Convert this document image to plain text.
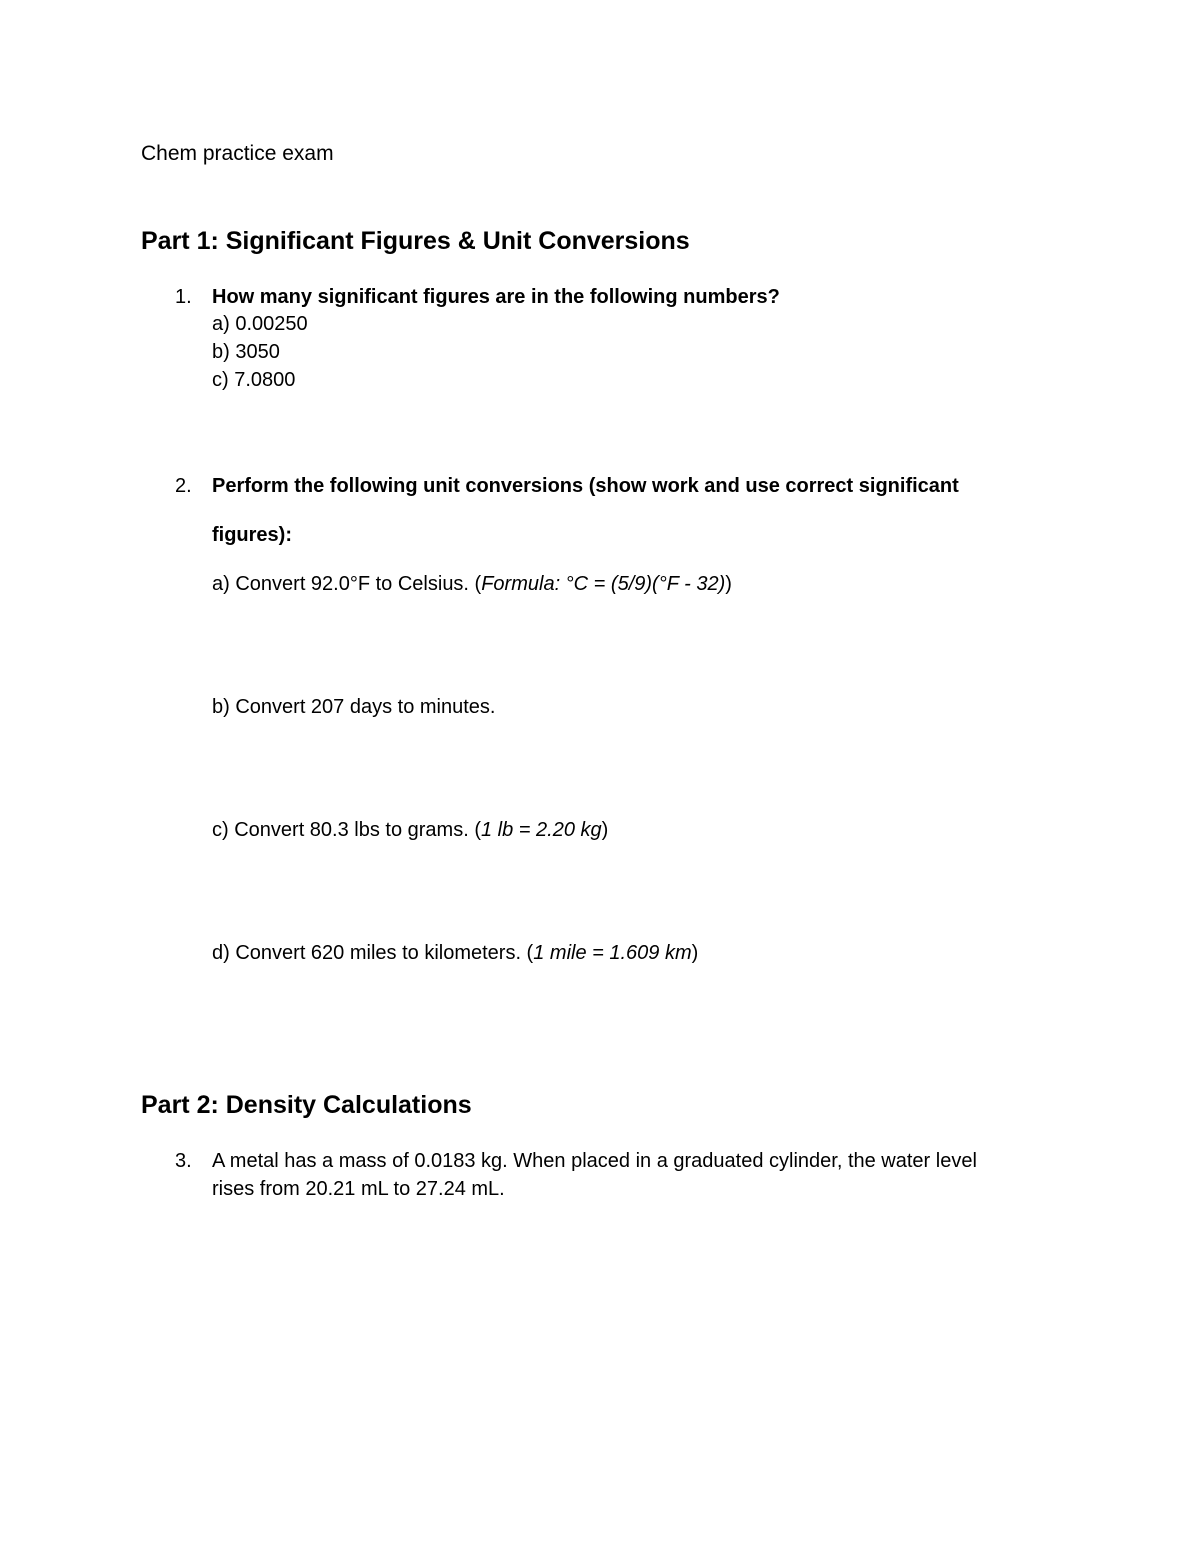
Chem practice exam
Part 1: Significant Figures & Unit Conversions
1. How many significant figures are in the following numbers?
a) 0.00250
b) 3050
c) 7.0800
2. Perform the following unit conversions (show work and use correct significant
figures):
a) Convert 92.0°F to Celsius. (Formula: °C = (5/9)(°F - 32))
b) Convert 207 days to minutes.
c) Convert 80.3 lbs to grams. (1 lb = 2.20 kg)
d) Convert 620 miles to kilometers. (1 mile = 1.609 km)
Part 2: Density Calculations
3. A metal has a mass of 0.0183 kg. When placed in a graduated cylinder, the water level
rises from 20.21 mL to 27.24 mL.
